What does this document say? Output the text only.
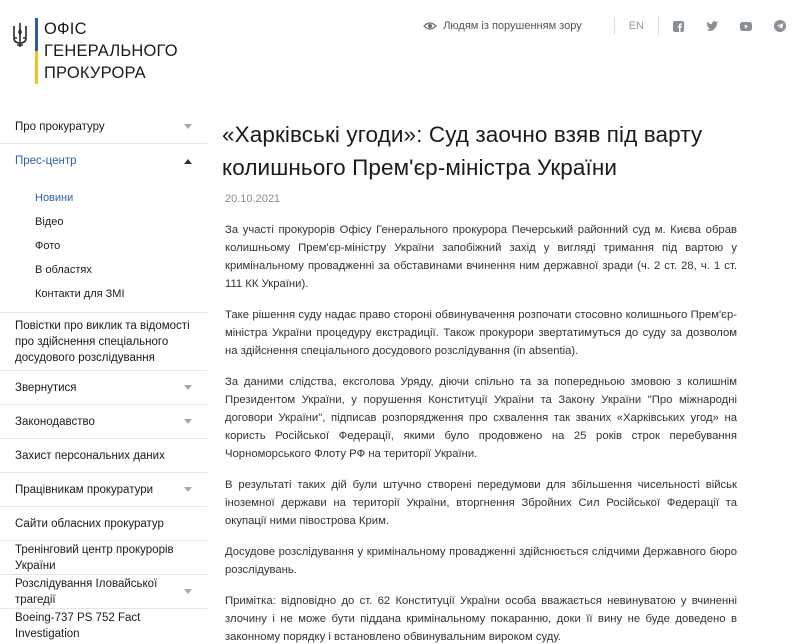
ОФІС
ГЕНЕРАЛЬНОГО
ПРОКУРОРА
Людям із порушенням зору	EN
Про прокуратуру
Прес-центр
Новини
Відео
Фото
В областях
Контакти для ЗМІ
Повістки про виклик та відомості про здійснення спеціального досудового розслідування
Звернутися
Законодавство
Захист персональних даних
Працівникам прокуратури
Сайти обласних прокуратур
Тренінговий центр прокурорів України
Розслідування Іловайської трагедії
Boeing-737 PS 752 Fact Investigation
«Харківські угоди»: Суд заочно взяв під варту колишнього Прем'єр-міністра України
20.10.2021

За участі прокурорів Офісу Генерального прокурора Печерський районний суд м. Києва обрав колишньому Прем'єр-міністру України запобіжний захід у вигляді тримання під вартою у кримінальному провадженні за обставинами вчинення ним державної зради (ч. 2 ст. 28, ч. 1 ст. 111 КК України).

Таке рішення суду надає право стороні обвинувачення розпочати стосовно колишнього Прем'єр-міністра України процедуру екстрадиції. Також прокурори звертатимуться до суду за дозволом на здійснення спеціального досудового розслідування (in absentia).

За даними слідства, ексголова Уряду, діючи спільно та за попередньою змовою з колишнім Президентом України, у порушення Конституції України та Закону України "Про міжнародні договори України", підписав розпорядження про схвалення так званих «Харківських угод» на користь Російської Федерації, якими було продовжено на 25 років строк перебування Чорноморського Флоту РФ на території України.

В результаті таких дій були штучно створені передумови для збільшення чисельності військ іноземної держави на території України, вторгнення Збройних Сил Російської Федерації та окупації ними півострова Крим.

Досудове розслідування у кримінальному провадженні здійснюється слідчими Державного бюро розслідувань.

Примітка: відповідно до ст. 62 Конституції України особа вважається невинуватою у вчиненні злочину і не може бути піддана кримінальному покаранню, доки її вину не буде доведено в законному порядку і встановлено обвинувальним вироком суду.
